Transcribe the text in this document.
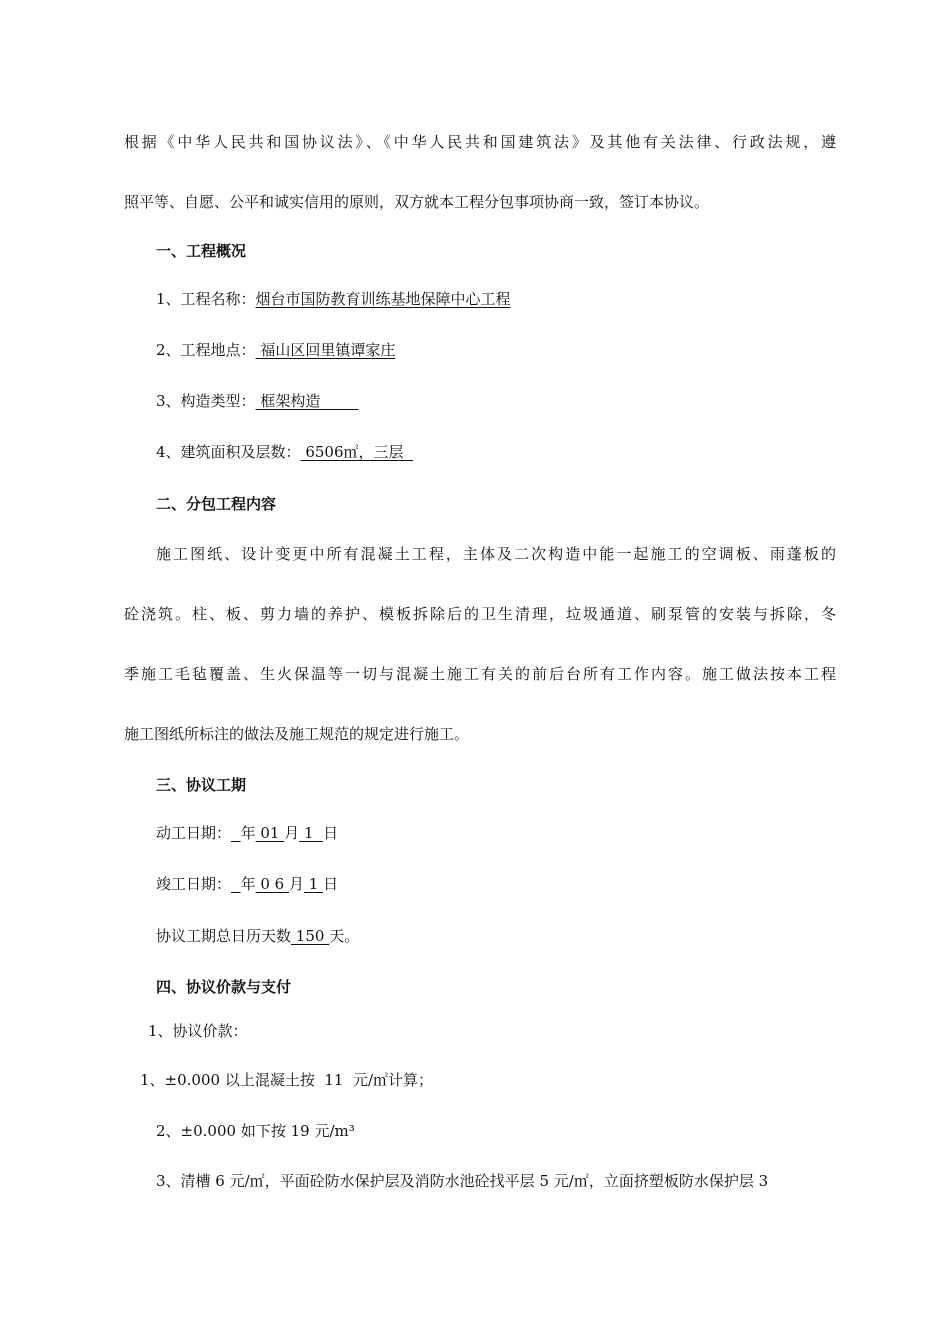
根据《中华人民共和国协议法》、《中华人民共和国建筑法》及其他有关法律、行政法规，遵
照平等、自愿、公平和诚实信用的原则，双方就本工程分包事项协商一致，签订本协议。
一、工程概况
1、工程名称：烟台市国防教育训练基地保障中心工程
2、工程地点： 福山区回里镇谭家庄
3、构造类型： 框架构造
4、建筑面积及层数： 6506㎡，三层
二、分包工程内容
施工图纸、设计变更中所有混凝土工程，主体及二次构造中能一起施工的空调板、雨蓬板的
砼浇筑。柱、板、剪力墙的养护、模板拆除后的卫生清理，垃圾通道、刷泵管的安装与拆除，冬
季施工毛毡覆盖、生火保温等一切与混凝土施工有关的前后台所有工作内容。施工做法按本工程
施工图纸所标注的做法及施工规范的规定进行施工。
三、协议工期
动工日期： 年 01 月 1  日
竣工日期： 年 0 6 月 1 日
协议工期总日历天数 150 天。
四、协议价款与支付
1、协议价款：
1、±0.000 以上混凝土按  11  元/㎡计算；
2、±0.000 如下按 19 元/m³
3、清槽 6 元/㎡，平面砼防水保护层及消防水池砼找平层 5 元/㎡，立面挤塑板防水保护层 3
